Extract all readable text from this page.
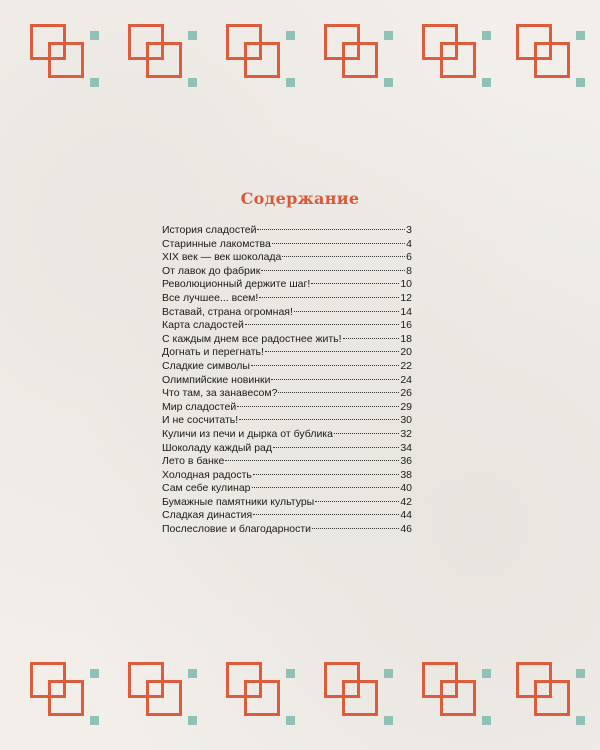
Содержание
История сладостей	3
Старинные лакомства	4
XIX век — век шоколада	6
От лавок до фабрик	8
Революционный держите шаг!	10
Все лучшее... всем!	12
Вставай, страна огромная!	14
Карта сладостей	16
С каждым днем все радостнее жить!	18
Догнать и перегнать!	20
Сладкие символы	22
Олимпийские новинки	24
Что там, за занавесом?	26
Мир сладостей	29
И не сосчитать!	30
Куличи из печи и дырка от бублика	32
Шоколаду каждый рад	34
Лето в банке	36
Холодная радость	38
Сам себе кулинар	40
Бумажные памятники культуры	42
Сладкая династия	44
Послесловие и благодарности	46
